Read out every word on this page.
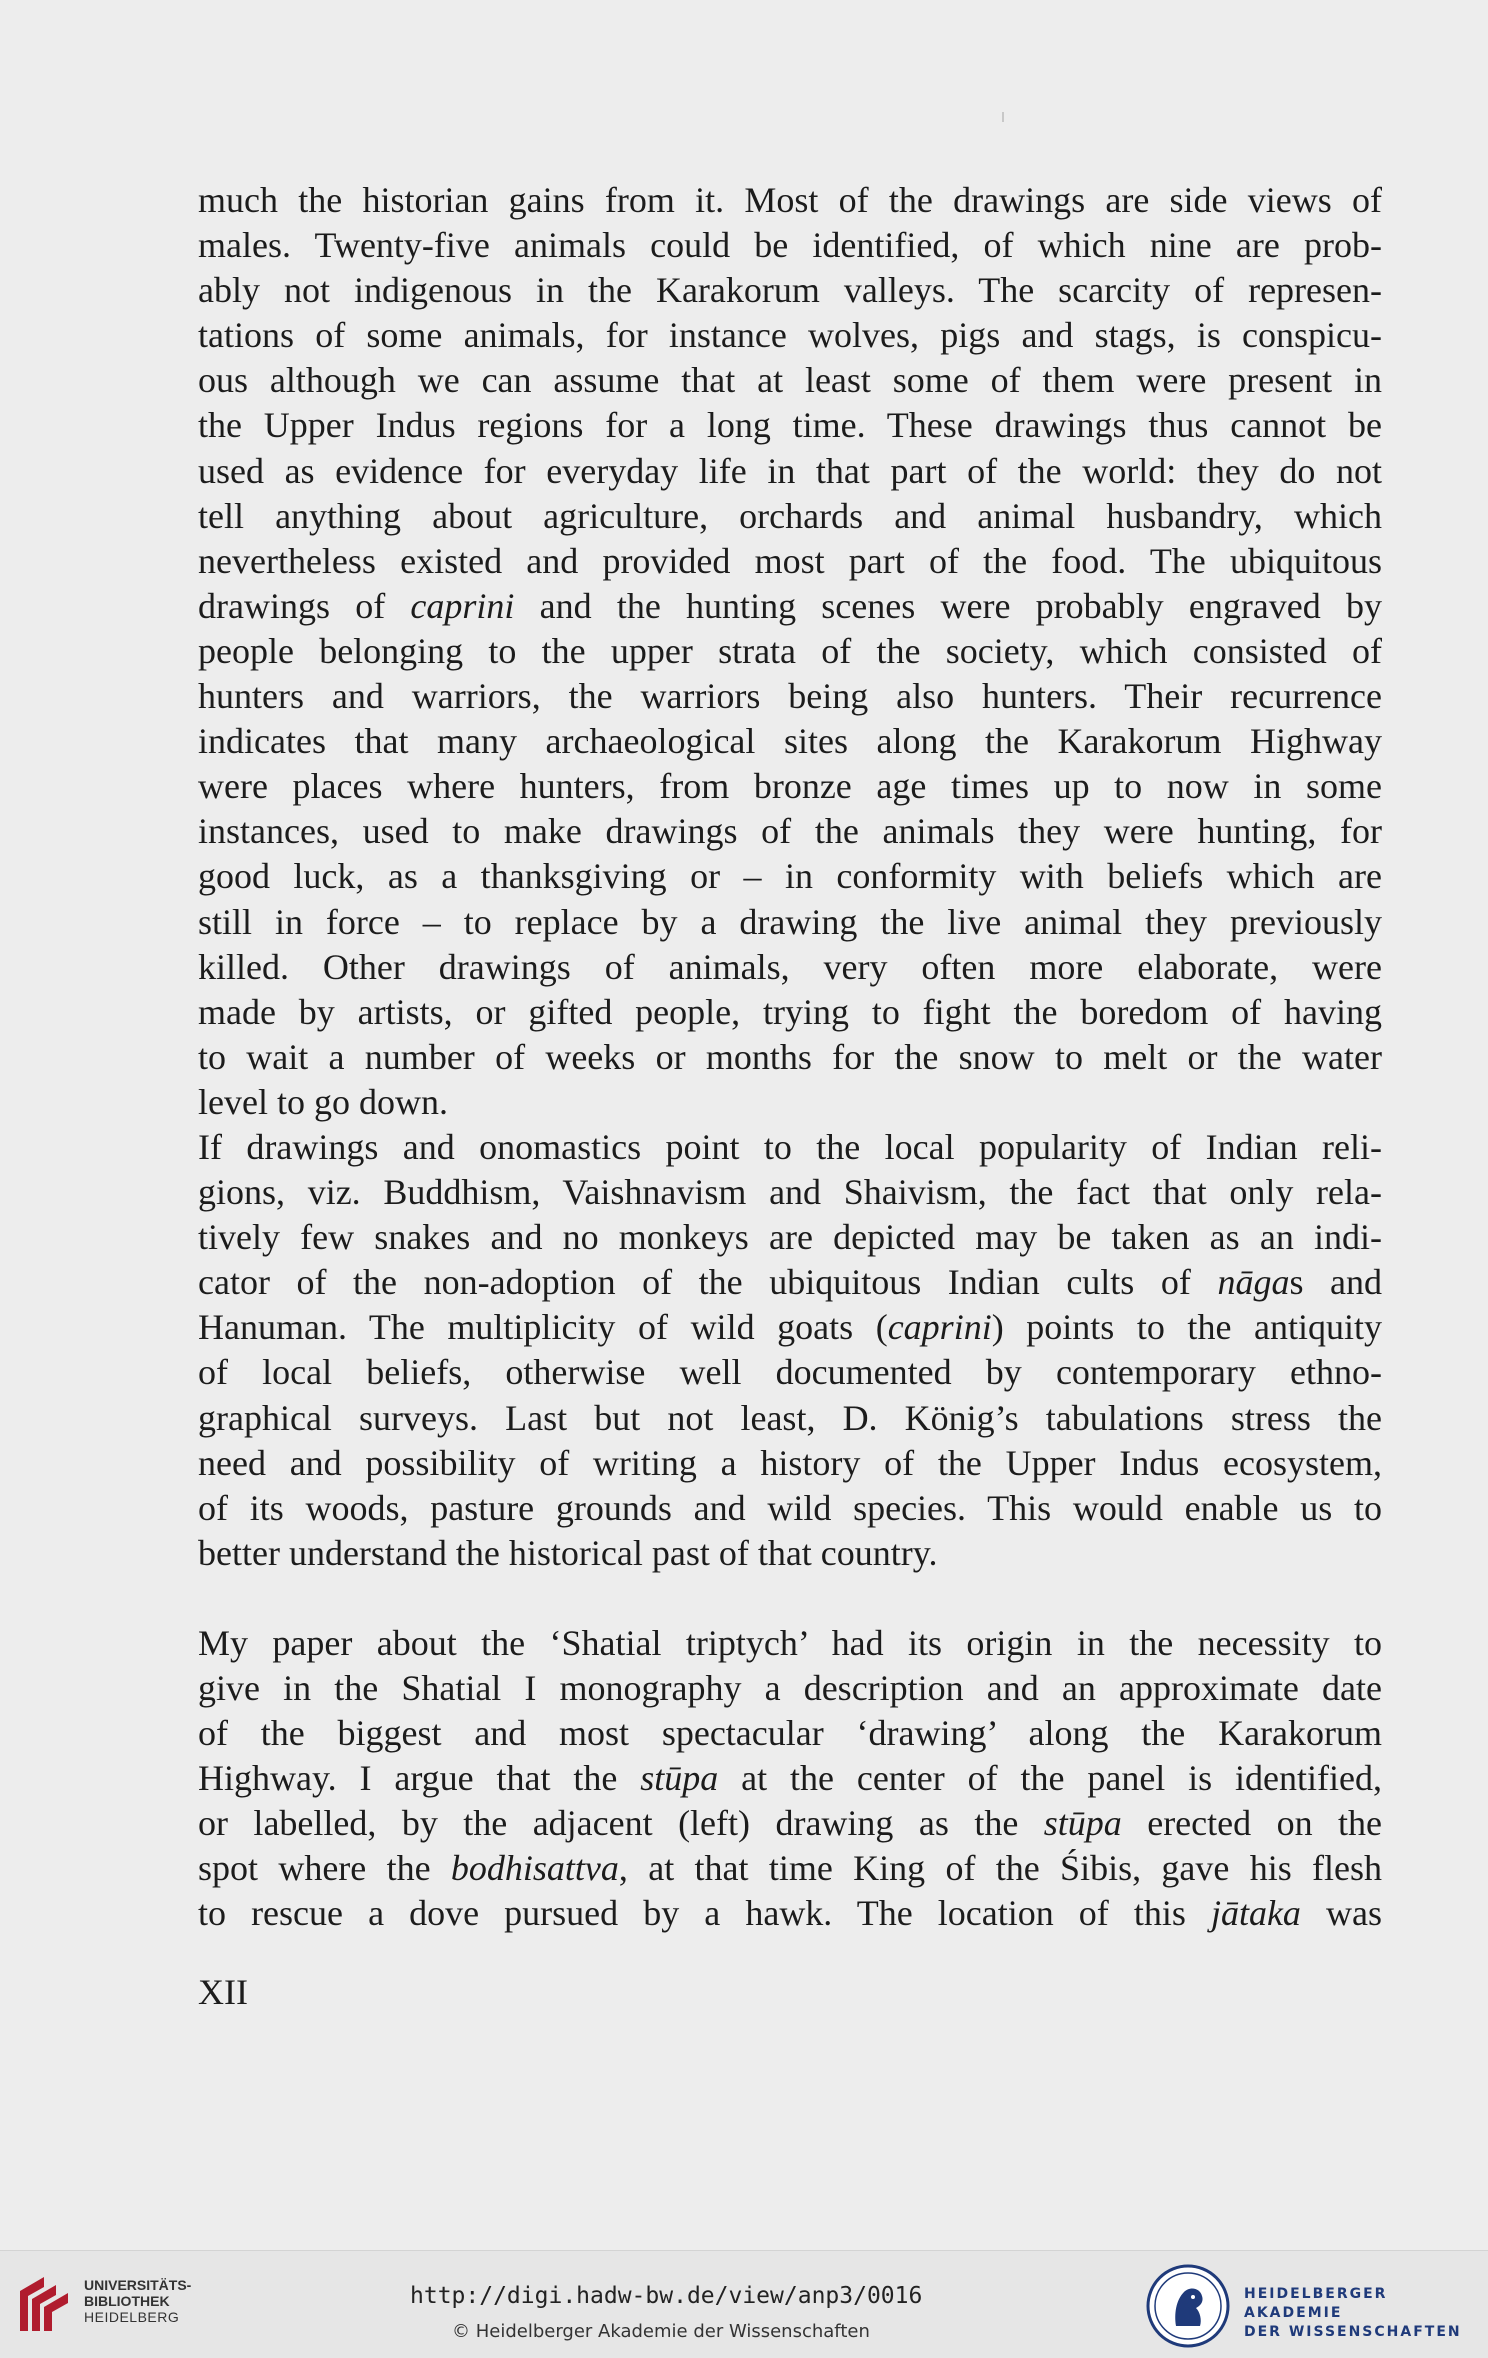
much the historian gains from it. Most of the drawings are side views of
males. Twenty-five animals could be identified, of which nine are prob-
ably not indigenous in the Karakorum valleys. The scarcity of represen-
tations of some animals, for instance wolves, pigs and stags, is conspicu-
ous although we can assume that at least some of them were present in
the Upper Indus regions for a long time. These drawings thus cannot be
used as evidence for everyday life in that part of the world: they do not
tell anything about agriculture, orchards and animal husbandry, which
nevertheless existed and provided most part of the food. The ubiquitous
drawings of caprini and the hunting scenes were probably engraved by
people belonging to the upper strata of the society, which consisted of
hunters and warriors, the warriors being also hunters. Their recurrence
indicates that many archaeological sites along the Karakorum Highway
were places where hunters, from bronze age times up to now in some
instances, used to make drawings of the animals they were hunting, for
good luck, as a thanksgiving or – in conformity with beliefs which are
still in force – to replace by a drawing the live animal they previously
killed. Other drawings of animals, very often more elaborate, were
made by artists, or gifted people, trying to fight the boredom of having
to wait a number of weeks or months for the snow to melt or the water
level to go down.
If drawings and onomastics point to the local popularity of Indian reli-
gions, viz. Buddhism, Vaishnavism and Shaivism, the fact that only rela-
tively few snakes and no monkeys are depicted may be taken as an indi-
cator of the non-adoption of the ubiquitous Indian cults of nāgas and
Hanuman. The multiplicity of wild goats (caprini) points to the antiquity
of local beliefs, otherwise well documented by contemporary ethno-
graphical surveys. Last but not least, D. König’s tabulations stress the
need and possibility of writing a history of the Upper Indus ecosystem,
of its woods, pasture grounds and wild species. This would enable us to
better understand the historical past of that country.
My paper about the ‘Shatial triptych’ had its origin in the necessity to
give in the Shatial I monography a description and an approximate date
of the biggest and most spectacular ‘drawing’ along the Karakorum
Highway. I argue that the stūpa at the center of the panel is identified,
or labelled, by the adjacent (left) drawing as the stūpa erected on the
spot where the bodhisattva, at that time King of the Śibis, gave his flesh
to rescue a dove pursued by a hawk. The location of this jātaka was
XII
UNIVERSITÄTS-
BIBLIOTHEK
HEIDELBERG
http://digi.hadw-bw.de/view/anp3/0016
© Heidelberger Akademie der Wissenschaften
HEIDELBERGER AKADEMIE
DER WISSENSCHAFTEN
